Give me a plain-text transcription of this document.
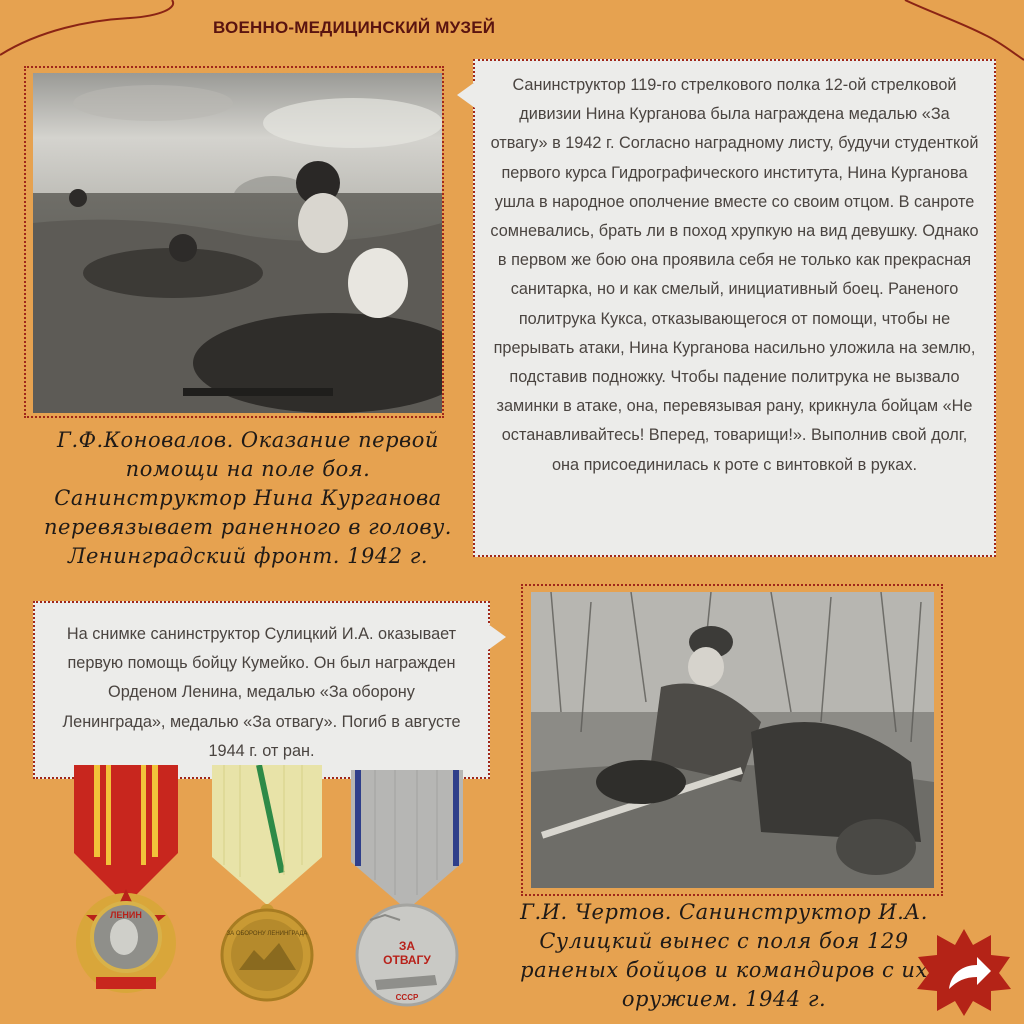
ВОЕННО-МЕДИЦИНСКИЙ МУЗЕЙ

Санинструктор 119-го стрелкового полка 12-ой стрелковой дивизии Нина Курганова была награждена медалью «За отвагу» в 1942 г. Согласно наградному листу, будучи студенткой первого курса Гидрографического института, Нина Курганова ушла в народное ополчение вместе со своим отцом. В санроте сомневались, брать ли в поход хрупкую на вид девушку. Однако в первом же бою она проявила себя не только как прекрасная санитарка, но и как смелый, инициативный боец. Раненого политрука Кукса, отказывающегося от помощи, чтобы не прерывать атаки, Нина Курганова насильно уложила на землю, подставив подножку. Чтобы падение политрука не вызвало заминки в атаке, она, перевязывая рану, крикнула бойцам «Не останавливайтесь! Вперед, товарищи!». Выполнив свой долг, она присоединилась к роте с винтовкой в руках.

Г.Ф.Коновалов. Оказание первой помощи на поле боя. Санинструктор Нина Курганова перевязывает раненного в голову. Ленинградский фронт. 1942 г.

На снимке санинструктор Сулицкий И.А. оказывает первую помощь бойцу Кумейко. Он был награжден Орденом Ленина, медалью «За оборону Ленинграда», медалью «За отвагу». Погиб в августе 1944 г. от ран.

Г.И. Чертов. Санинструктор И.А. Сулицкий вынес с поля боя 129 раненых бойцов и командиров с их оружием. 1944 г.
ЛЕНИН
ЗА ОБОРОНУ ЛЕНИНГРАДА
ЗА
ОТВАГУ
СССР
